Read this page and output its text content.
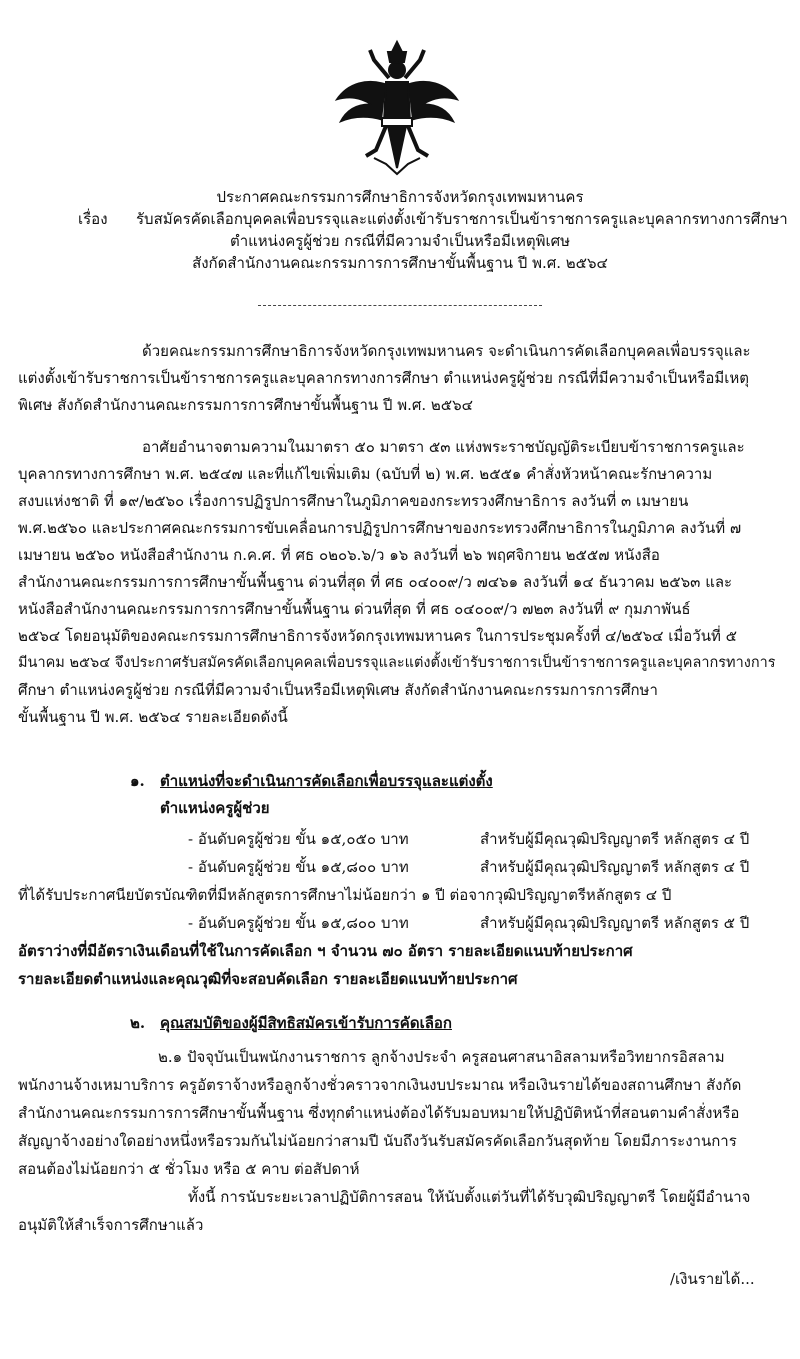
ประกาศคณะกรรมการศึกษาธิการจังหวัดกรุงเทพมหานคร
เรื่อง รับสมัครคัดเลือกบุคคลเพื่อบรรจุและแต่งตั้งเข้ารับราชการเป็นข้าราชการครูและบุคลากรทางการศึกษา
ตำแหน่งครูผู้ช่วย กรณีที่มีความจำเป็นหรือมีเหตุพิเศษ
สังกัดสำนักงานคณะกรรมการการศึกษาขั้นพื้นฐาน ปี พ.ศ. ๒๕๖๔
ด้วยคณะกรรมการศึกษาธิการจังหวัดกรุงเทพมหานคร จะดำเนินการคัดเลือกบุคคลเพื่อบรรจุและ
แต่งตั้งเข้ารับราชการเป็นข้าราชการครูและบุคลากรทางการศึกษา ตำแหน่งครูผู้ช่วย กรณีที่มีความจำเป็นหรือมีเหตุ
พิเศษ สังกัดสำนักงานคณะกรรมการการศึกษาขั้นพื้นฐาน ปี พ.ศ. ๒๕๖๔
อาศัยอำนาจตามความในมาตรา ๕๐ มาตรา ๕๓ แห่งพระราชบัญญัติระเบียบข้าราชการครูและ
บุคลากรทางการศึกษา พ.ศ. ๒๕๔๗ และที่แก้ไขเพิ่มเติม (ฉบับที่ ๒) พ.ศ. ๒๕๕๑ คำสั่งหัวหน้าคณะรักษาความ
สงบแห่งชาติ ที่ ๑๙/๒๕๖๐ เรื่องการปฏิรูปการศึกษาในภูมิภาคของกระทรวงศึกษาธิการ ลงวันที่ ๓ เมษายน
พ.ศ.๒๕๖๐ และประกาศคณะกรรมการขับเคลื่อนการปฏิรูปการศึกษาของกระทรวงศึกษาธิการในภูมิภาค ลงวันที่ ๗
เมษายน ๒๕๖๐ หนังสือสำนักงาน ก.ค.ศ. ที่ ศธ ๐๒๐๖.๖/ว ๑๖ ลงวันที่ ๒๖ พฤศจิกายน ๒๕๕๗ หนังสือ
สำนักงานคณะกรรมการการศึกษาขั้นพื้นฐาน ด่วนที่สุด ที่ ศธ ๐๔๐๐๙/ว ๗๔๖๑ ลงวันที่ ๑๔ ธันวาคม ๒๕๖๓ และ
หนังสือสำนักงานคณะกรรมการการศึกษาขั้นพื้นฐาน ด่วนที่สุด ที่ ศธ ๐๔๐๐๙/ว ๗๒๓ ลงวันที่ ๙ กุมภาพันธ์
๒๕๖๔ โดยอนุมัติของคณะกรรมการศึกษาธิการจังหวัดกรุงเทพมหานคร ในการประชุมครั้งที่ ๔/๒๕๖๔ เมื่อวันที่ ๕
มีนาคม ๒๕๖๔ จึงประกาศรับสมัครคัดเลือกบุคคลเพื่อบรรจุและแต่งตั้งเข้ารับราชการเป็นข้าราชการครูและบุคลากรทางการ
ศึกษา ตำแหน่งครูผู้ช่วย กรณีที่มีความจำเป็นหรือมีเหตุพิเศษ สังกัดสำนักงานคณะกรรมการการศึกษา
ขั้นพื้นฐาน ปี พ.ศ. ๒๕๖๔ รายละเอียดดังนี้
๑. ตำแหน่งที่จะดำเนินการคัดเลือกเพื่อบรรจุและแต่งตั้ง
ตำแหน่งครูผู้ช่วย
- อันดับครูผู้ช่วย ขั้น ๑๕,๐๕๐ บาท	สำหรับผู้มีคุณวุฒิปริญญาตรี หลักสูตร ๔ ปี
- อันดับครูผู้ช่วย ขั้น ๑๕,๘๐๐ บาท	สำหรับผู้มีคุณวุฒิปริญญาตรี หลักสูตร ๔ ปี
ที่ได้รับประกาศนียบัตรบัณฑิตที่มีหลักสูตรการศึกษาไม่น้อยกว่า ๑ ปี ต่อจากวุฒิปริญญาตรีหลักสูตร ๔ ปี
- อันดับครูผู้ช่วย ขั้น ๑๕,๘๐๐ บาท	สำหรับผู้มีคุณวุฒิปริญญาตรี หลักสูตร ๕ ปี
อัตราว่างที่มีอัตราเงินเดือนที่ใช้ในการคัดเลือก ฯ จำนวน ๗๐ อัตรา รายละเอียดแนบท้ายประกาศ
รายละเอียดตำแหน่งและคุณวุฒิที่จะสอบคัดเลือก รายละเอียดแนบท้ายประกาศ
๒. คุณสมบัติของผู้มีสิทธิสมัครเข้ารับการคัดเลือก
๒.๑ ปัจจุบันเป็นพนักงานราชการ ลูกจ้างประจำ ครูสอนศาสนาอิสลามหรือวิทยากรอิสลาม
พนักงานจ้างเหมาบริการ ครูอัตราจ้างหรือลูกจ้างชั่วคราวจากเงินงบประมาณ หรือเงินรายได้ของสถานศึกษา สังกัด
สำนักงานคณะกรรมการการศึกษาขั้นพื้นฐาน ซึ่งทุกตำแหน่งต้องได้รับมอบหมายให้ปฏิบัติหน้าที่สอนตามคำสั่งหรือ
สัญญาจ้างอย่างใดอย่างหนึ่งหรือรวมกันไม่น้อยกว่าสามปี นับถึงวันรับสมัครคัดเลือกวันสุดท้าย โดยมีภาระงานการ
สอนต้องไม่น้อยกว่า ๕ ชั่วโมง หรือ ๕ คาบ ต่อสัปดาห์
ทั้งนี้ การนับระยะเวลาปฏิบัติการสอน ให้นับตั้งแต่วันที่ได้รับวุฒิปริญญาตรี โดยผู้มีอำนาจ
อนุมัติให้สำเร็จการศึกษาแล้ว
/เงินรายได้...
